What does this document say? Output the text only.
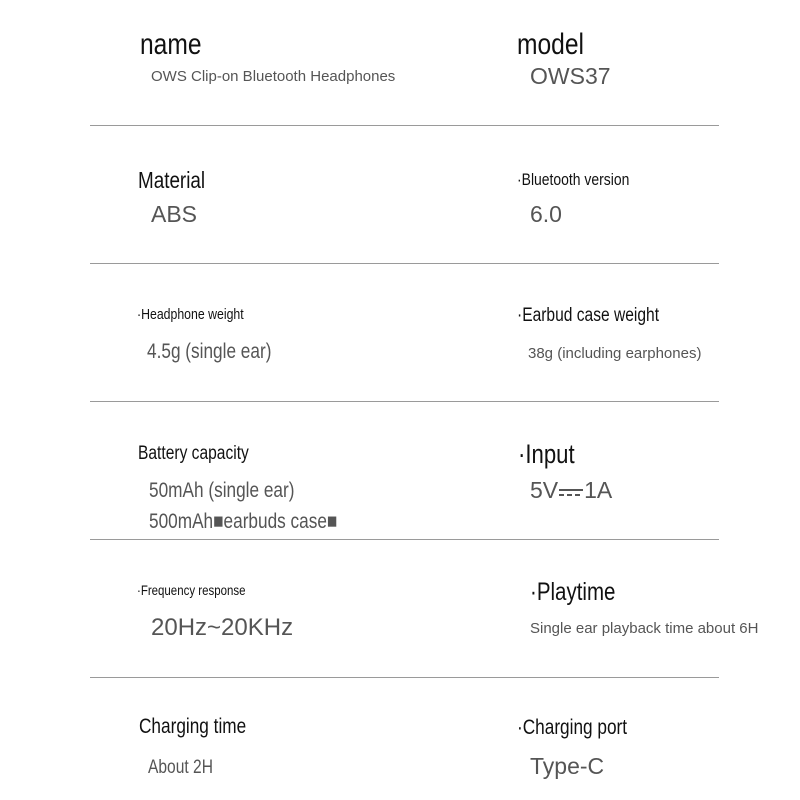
name
OWS Clip-on Bluetooth Headphones
model
OWS37
Material
ABS
·Bluetooth version
6.0
·Headphone weight
4.5g (single ear)
·Earbud case weight
38g (including earphones)
Battery capacity
50mAh (single ear)
500mAh■earbuds case■
·Input
5V 1A
·Frequency response
20Hz~20KHz
·Playtime
Single ear playback time about 6H
Charging time
About 2H
·Charging port
Type-C
